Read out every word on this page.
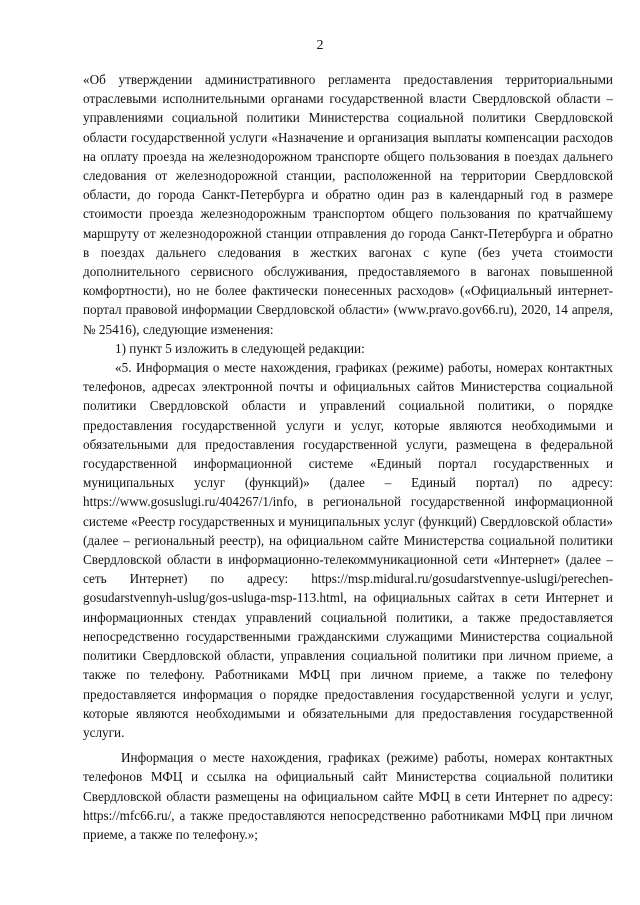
2

«Об утверждении административного регламента предоставления территориальными отраслевыми исполнительными органами государственной власти Свердловской области – управлениями социальной политики Министерства социальной политики Свердловской области государственной услуги «Назначение и организация выплаты компенсации расходов на оплату проезда на железнодорожном транспорте общего пользования в поездах дальнего следования от железнодорожной станции, расположенной на территории Свердловской области, до города Санкт-Петербурга и обратно один раз в календарный год в размере стоимости проезда железнодорожным транспортом общего пользования по кратчайшему маршруту от железнодорожной станции отправления до города Санкт-Петербурга и обратно в поездах дальнего следования в жестких вагонах с купе (без учета стоимости дополнительного сервисного обслуживания, предоставляемого в вагонах повышенной комфортности), но не более фактически понесенных расходов» («Официальный интернет-портал правовой информации Свердловской области» (www.pravo.gov66.ru), 2020, 14 апреля, № 25416), следующие изменения:

1) пункт 5 изложить в следующей редакции:

«5. Информация о месте нахождения, графиках (режиме) работы, номерах контактных телефонов, адресах электронной почты и официальных сайтов Министерства социальной политики Свердловской области и управлений социальной политики, о порядке предоставления государственной услуги и услуг, которые являются необходимыми и обязательными для предоставления государственной услуги, размещена в федеральной государственной информационной системе «Единый портал государственных и муниципальных услуг (функций)» (далее – Единый портал) по адресу: https://www.gosuslugi.ru/404267/1/info, в региональной государственной информационной системе «Реестр государственных и муниципальных услуг (функций) Свердловской области» (далее – региональный реестр), на официальном сайте Министерства социальной политики Свердловской области в информационно-телекоммуникационной сети «Интернет» (далее – сеть Интернет) по адресу: https://msp.midural.ru/gosudarstvennye-uslugi/perechen-gosudarstvennyh-uslug/gos-usluga-msp-113.html, на официальных сайтах в сети Интернет и информационных стендах управлений социальной политики, а также предоставляется непосредственно государственными гражданскими служащими Министерства социальной политики Свердловской области, управления социальной политики при личном приеме, а также по телефону. Работниками МФЦ при личном приеме, а также по телефону предоставляется информация о порядке предоставления государственной услуги и услуг, которые являются необходимыми и обязательными для предоставления государственной услуги.

Информация о месте нахождения, графиках (режиме) работы, номерах контактных телефонов МФЦ и ссылка на официальный сайт Министерства социальной политики Свердловской области размещены на официальном сайте МФЦ в сети Интернет по адресу: https://mfc66.ru/, а также предоставляются непосредственно работниками МФЦ при личном приеме, а также по телефону.»;
